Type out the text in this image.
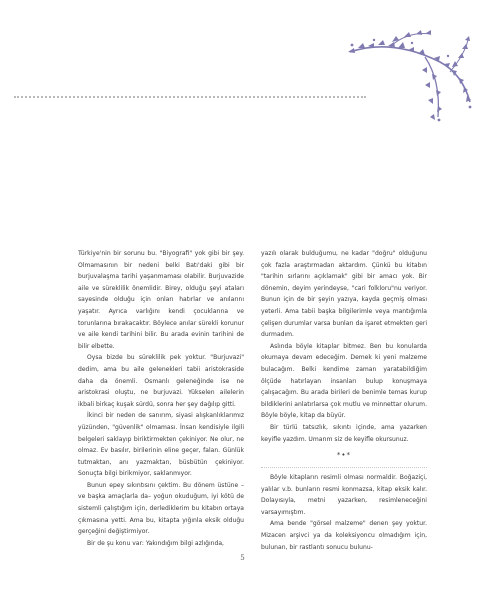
Türkiye'nin bir sorunu bu. "Biyografi" yok gibi bir şey. Olmamasının bir nedeni belki Batı'daki gibi bir burjuvalaşma tarihi yaşanmaması olabilir. Burjuvazide aile ve süreklilik önemlidir. Birey, olduğu şeyi ataları sayesinde olduğu için onları hatırlar ve anılarını yaşatır. Ayrıca varlığını kendi çocuklarına ve torunlarına bırakacaktır. Böylece anılar sürekli korunur ve aile kendi tarihini bilir. Bu arada evinin tarihini de bilir elbette.

Oysa bizde bu süreklilik pek yoktur. "Burjuvazi" dedim, ama bu aile gelenekleri tabii aristokraside daha da önemli. Osmanlı geleneğinde ise ne aristokrasi oluştu, ne burjuvazi. Yükselen ailelerin ikbali birkaç kuşak sürdü, sonra her şey dağılıp gitti.

İkinci bir neden de sanırım, siyasi alışkanlıklarımız yüzünden, "güvenlik" olmaması. İnsan kendisiyle ilgili belgeleri saklayıp biriktirmekten çekiniyor. Ne olur, ne olmaz. Ev basılır, birilerinin eline geçer, falan. Günlük tutmaktan, anı yazmaktan, büsbütün çekiniyor. Sonuçta bilgi birikmiyor, saklanmıyor.

Bunun epey sıkıntısını çektim. Bu dönem üstüne –ve başka amaçlarla da– yoğun okuduğum, iyi kötü de sistemli çalıştığım için, derlediklerim bu kitabın ortaya çıkmasına yetti. Ama bu, kitapta yığınla eksik olduğu gerçeğini değiştirmiyor.

Bir de şu konu var: Yakındığım bilgi azlığında,

yazılı olarak bulduğumu, ne kadar "doğru" olduğunu çok fazla araştırmadan aktardım. Çünkü bu kitabın "tarihin sırlarını açıklamak" gibi bir amacı yok. Bir dönemin, deyim yerindeyse, "cari folkloru"nu veriyor. Bunun için de bir şeyin yazıya, kayda geçmiş olması yeterli. Ama tabii başka bilgilerimle veya mantığımla çelişen durumlar varsa bunları da işaret etmekten geri durmadım.

Aslında böyle kitaplar bitmez. Ben bu konularda okumaya devam edeceğim. Demek ki yeni malzeme bulacağım. Belki kendime zaman yaratabildiğim ölçüde hatırlayan insanları bulup konuşmaya çalışacağım. Bu arada birileri de benimle temas kurup bildiklerini anlatırlarsa çok mutlu ve minnettar olurum. Böyle böyle, kitap da büyür.

Bir türlü tatsızlık, sıkıntı içinde, ama yazarken keyifle yazdım. Umarım siz de keyifle okursunuz.

*•*

Böyle kitapların resimli olması normaldir. Boğaziçi, yalılar v.b. bunların resmi konmazsa, kitap eksik kalır. Dolayısıyla, metni yazarken, resimleneceğini varsayımıştım.

Ama bende "görsel malzeme" denen şey yoktur. Mizacen arşivci ya da koleksiyoncu olmadığım için, bulunan, bir rastlantı sonucu bulunu-

5
